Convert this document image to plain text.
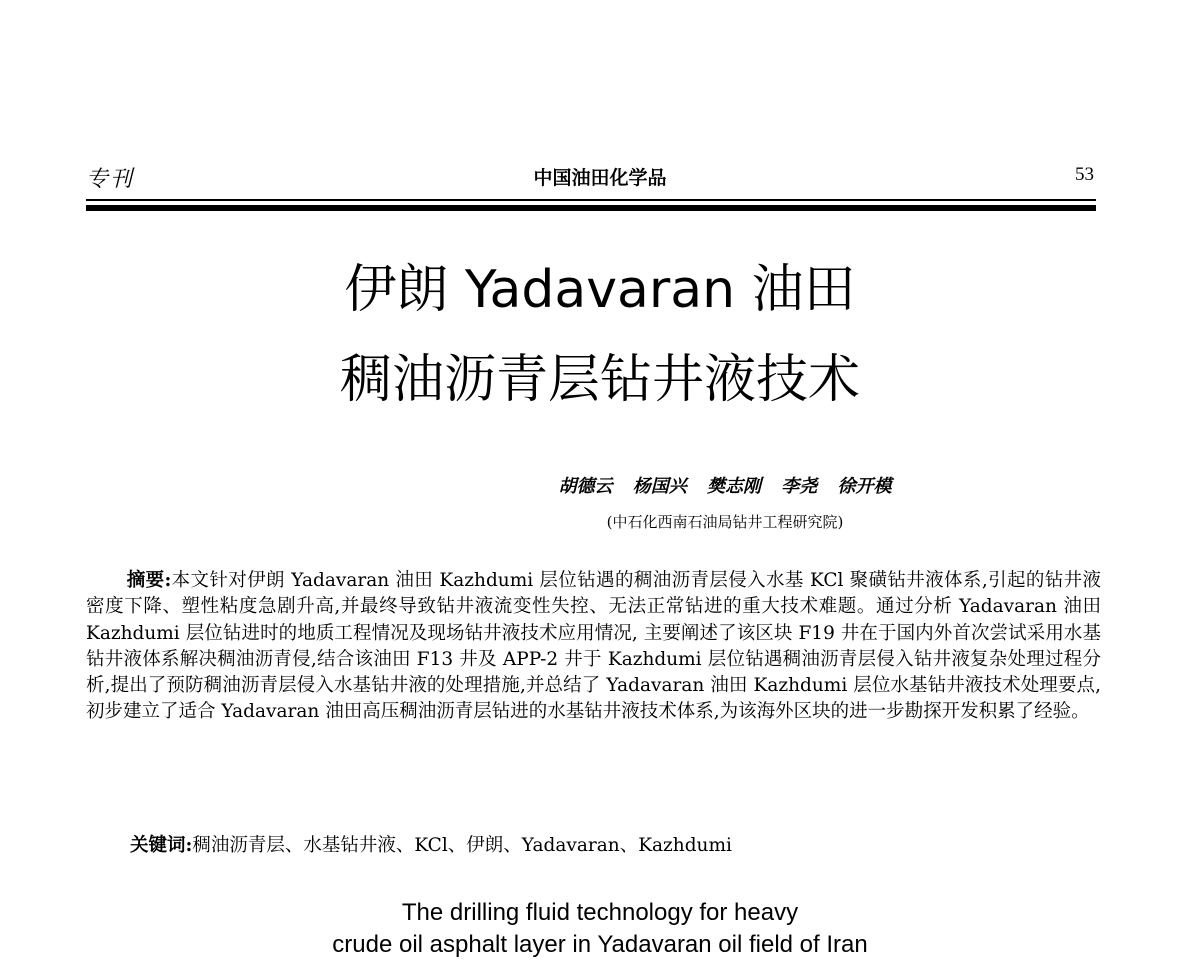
专刊	中国油田化学品	53
伊朗 Yadavaran 油田
稠油沥青层钻井液技术
胡德云 杨国兴 樊志刚 李尧 徐开模
(中石化西南石油局钻井工程研究院)

摘要:本文针对伊朗 Yadavaran 油田 Kazhdumi 层位钻遇的稠油沥青层侵入水基 KCl 聚磺钻井液体系,引起的钻井液密度下降、塑性粘度急剧升高,并最终导致钻井液流变性失控、无法正常钻进的重大技术难题。通过分析 Yadavaran 油田 Kazhdumi 层位钻进时的地质工程情况及现场钻井液技术应用情况, 主要阐述了该区块 F19 井在于国内外首次尝试采用水基钻井液体系解决稠油沥青侵,结合该油田 F13 井及 APP-2 井于 Kazhdumi 层位钻遇稠油沥青层侵入钻井液复杂处理过程分析,提出了预防稠油沥青层侵入水基钻井液的处理措施,并总结了 Yadavaran 油田 Kazhdumi 层位水基钻井液技术处理要点,初步建立了适合 Yadavaran 油田高压稠油沥青层钻进的水基钻井液技术体系,为该海外区块的进一步勘探开发积累了经验。

关键词:稠油沥青层、水基钻井液、KCl、伊朗、Yadavaran、Kazhdumi
The drilling fluid technology for heavy
crude oil asphalt layer in Yadavaran oil field of Iran
